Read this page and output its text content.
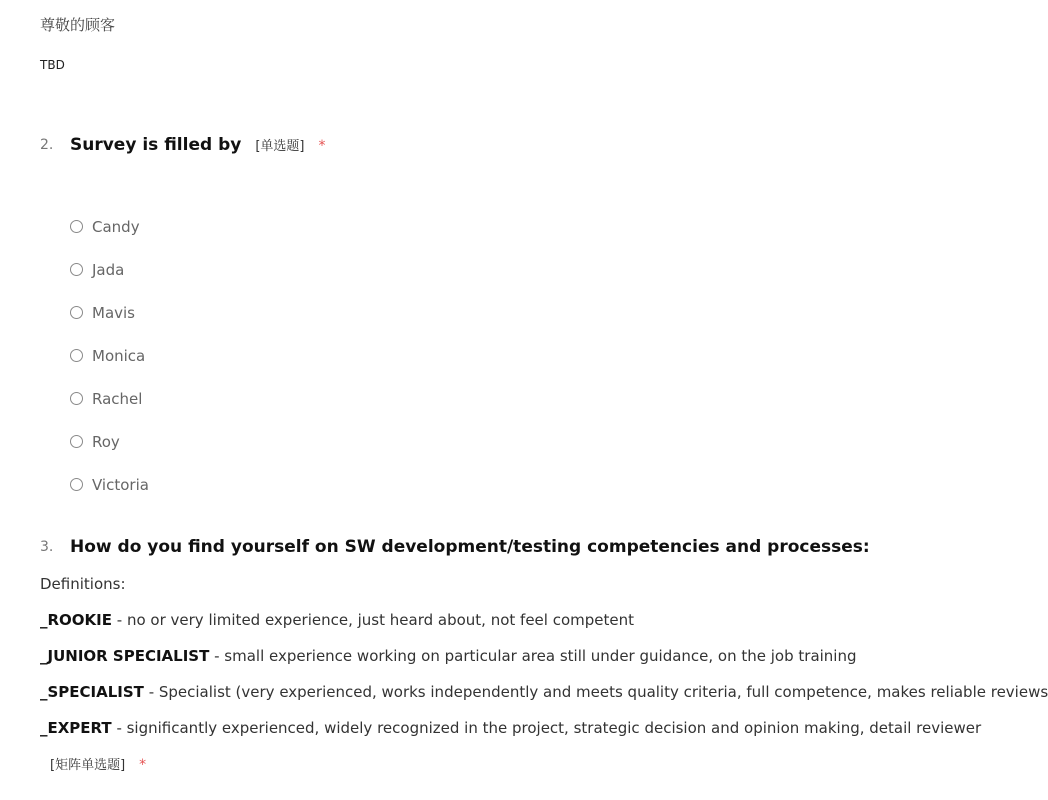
尊敬的顾客
TBD
2. Survey is filled by [单选题] *
Candy
Jada
Mavis
Monica
Rachel
Roy
Victoria
3. How do you find yourself on SW development/testing competencies and processes:
Definitions:
_ROOKIE - no or very limited experience, just heard about, not feel competent
_JUNIOR SPECIALIST - small experience working on particular area still under guidance, on the job training
_SPECIALIST - Specialist (very experienced, works independently and meets quality criteria, full competence, makes reliable reviews
_EXPERT - significantly experienced, widely recognized in the project, strategic decision and opinion making, detail reviewer
[矩阵单选题] *
